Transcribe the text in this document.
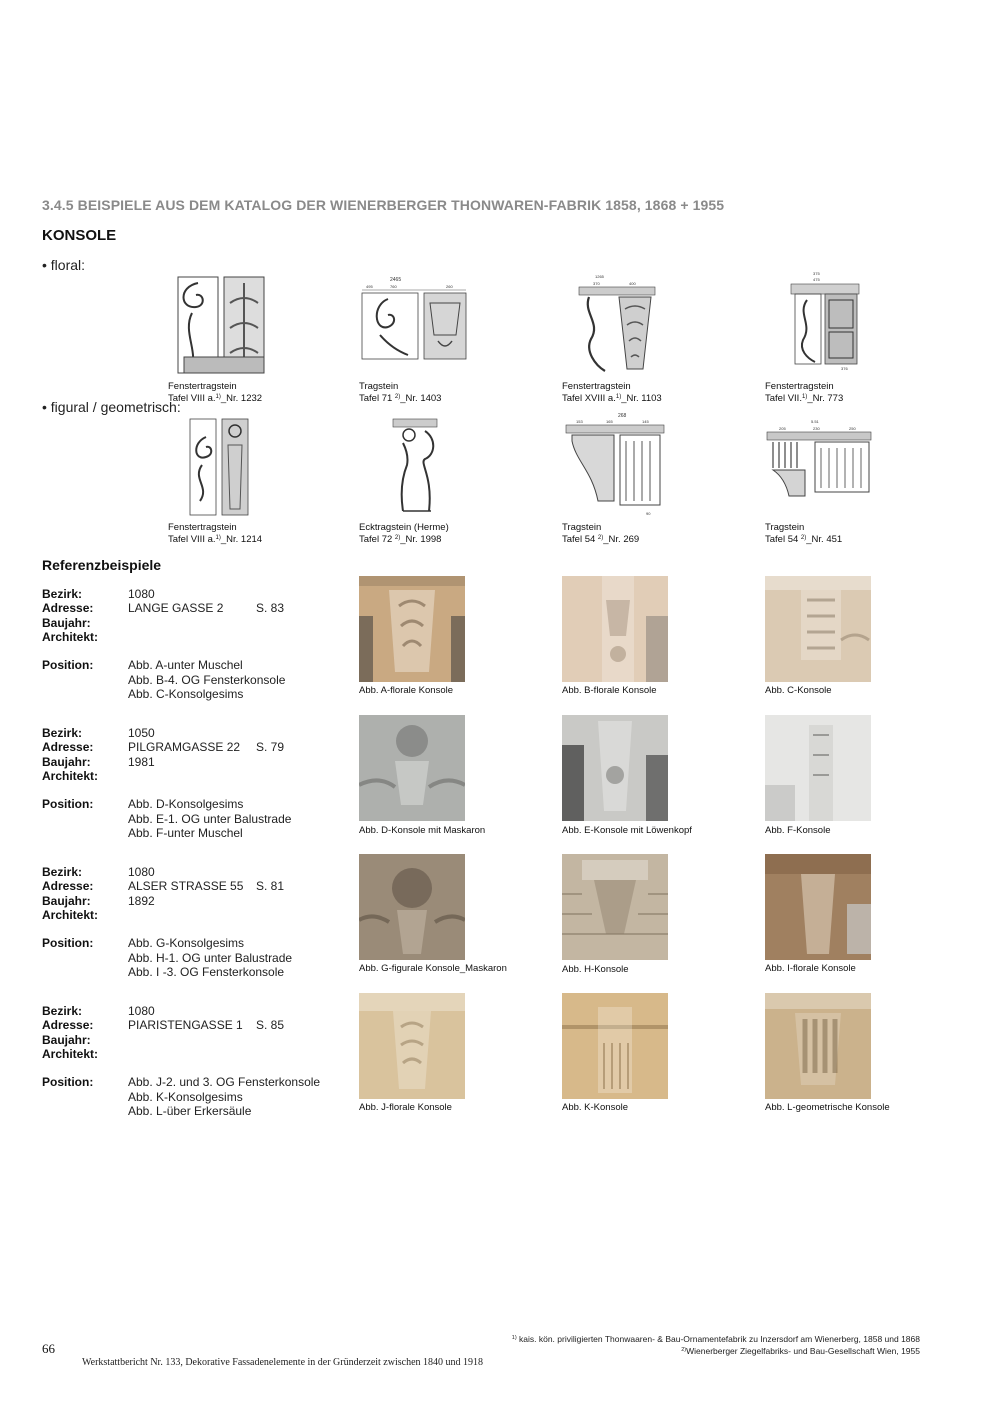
3.4.5 BEISPIELE AUS DEM KATALOG DER WIENERBERGER THONWAREN-FABRIK 1858, 1868 + 1955
KONSOLE
• floral:
• figural / geometrisch:
2465
495	760	260
1265
370	400
375
475
376
Fenstertragstein
Tafel VIII a.$^{1)}$_Nr. 1232
Tragstein
Tafel 71 $^{2)}$_Nr. 1403
Fenstertragstein
Tafel XVIII a.$^{1)}$_Nr. 1103
Fenstertragstein
Tafel VII.$^{1)}$_Nr. 773
268
153	165	145
90
5.51
205	230	250
Fenstertragstein
Tafel VIII a.$^{1)}$_Nr. 1214
Ecktragstein (Herme)
Tafel 72 $^{2)}$_Nr. 1998
Tragstein
Tafel 54 $^{2)}$_Nr. 269
Tragstein
Tafel 54 $^{2)}$_Nr. 451
Referenzbeispiele
Bezirk:	1080
Adresse:	LANGE GASSE 2	S. 83
Baujahr:
Architekt:
Position:	Abb. A-unter Muschel
Abb. B-4. OG Fensterkonsole
Abb. C-Konsolgesims
Bezirk:	1050
Adresse:	PILGRAMGASSE 22 S. 79
Baujahr:	1981
Architekt:
Position:	Abb. D-Konsolgesims
Abb. E-1. OG unter Balustrade
Abb. F-unter Muschel
Bezirk:	1080
Adresse:	ALSER STRASSE 55 S. 81
Baujahr:	1892
Architekt:
Position:	Abb. G-Konsolgesims
Abb. H-1. OG unter Balustrade
Abb. I -3. OG Fensterkonsole
Bezirk:	1080
Adresse:	PIARISTENGASSE 1 S. 85
Baujahr:
Architekt:
Position:	Abb. J-2. und 3. OG Fensterkonsole
Abb. K-Konsolgesims
Abb. L-über Erkersäule
Abb. A-florale Konsole	Abb. B-florale Konsole	Abb. C-Konsole
Abb. D-Konsole mit Maskaron	Abb. E-Konsole mit Löwenkopf	Abb. F-Konsole
Abb. G-figurale Konsole_Maskaron	Abb. H-Konsole	Abb. I-florale Konsole
Abb. J-florale Konsole	Abb. K-Konsole	Abb. L-geometrische Konsole
$^{1)}$ kais. kön. priviligierten Thonwaaren- & Bau-Ornamentefabrik zu Inzersdorf am Wienerberg, 1858 und 1868
$^{2)}$Wienerberger Ziegelfabriks- und Bau-Gesellschaft Wien, 1955
66
Werkstattbericht Nr. 133, Dekorative Fassadenelemente in der Gründerzeit zwischen 1840 und 1918
